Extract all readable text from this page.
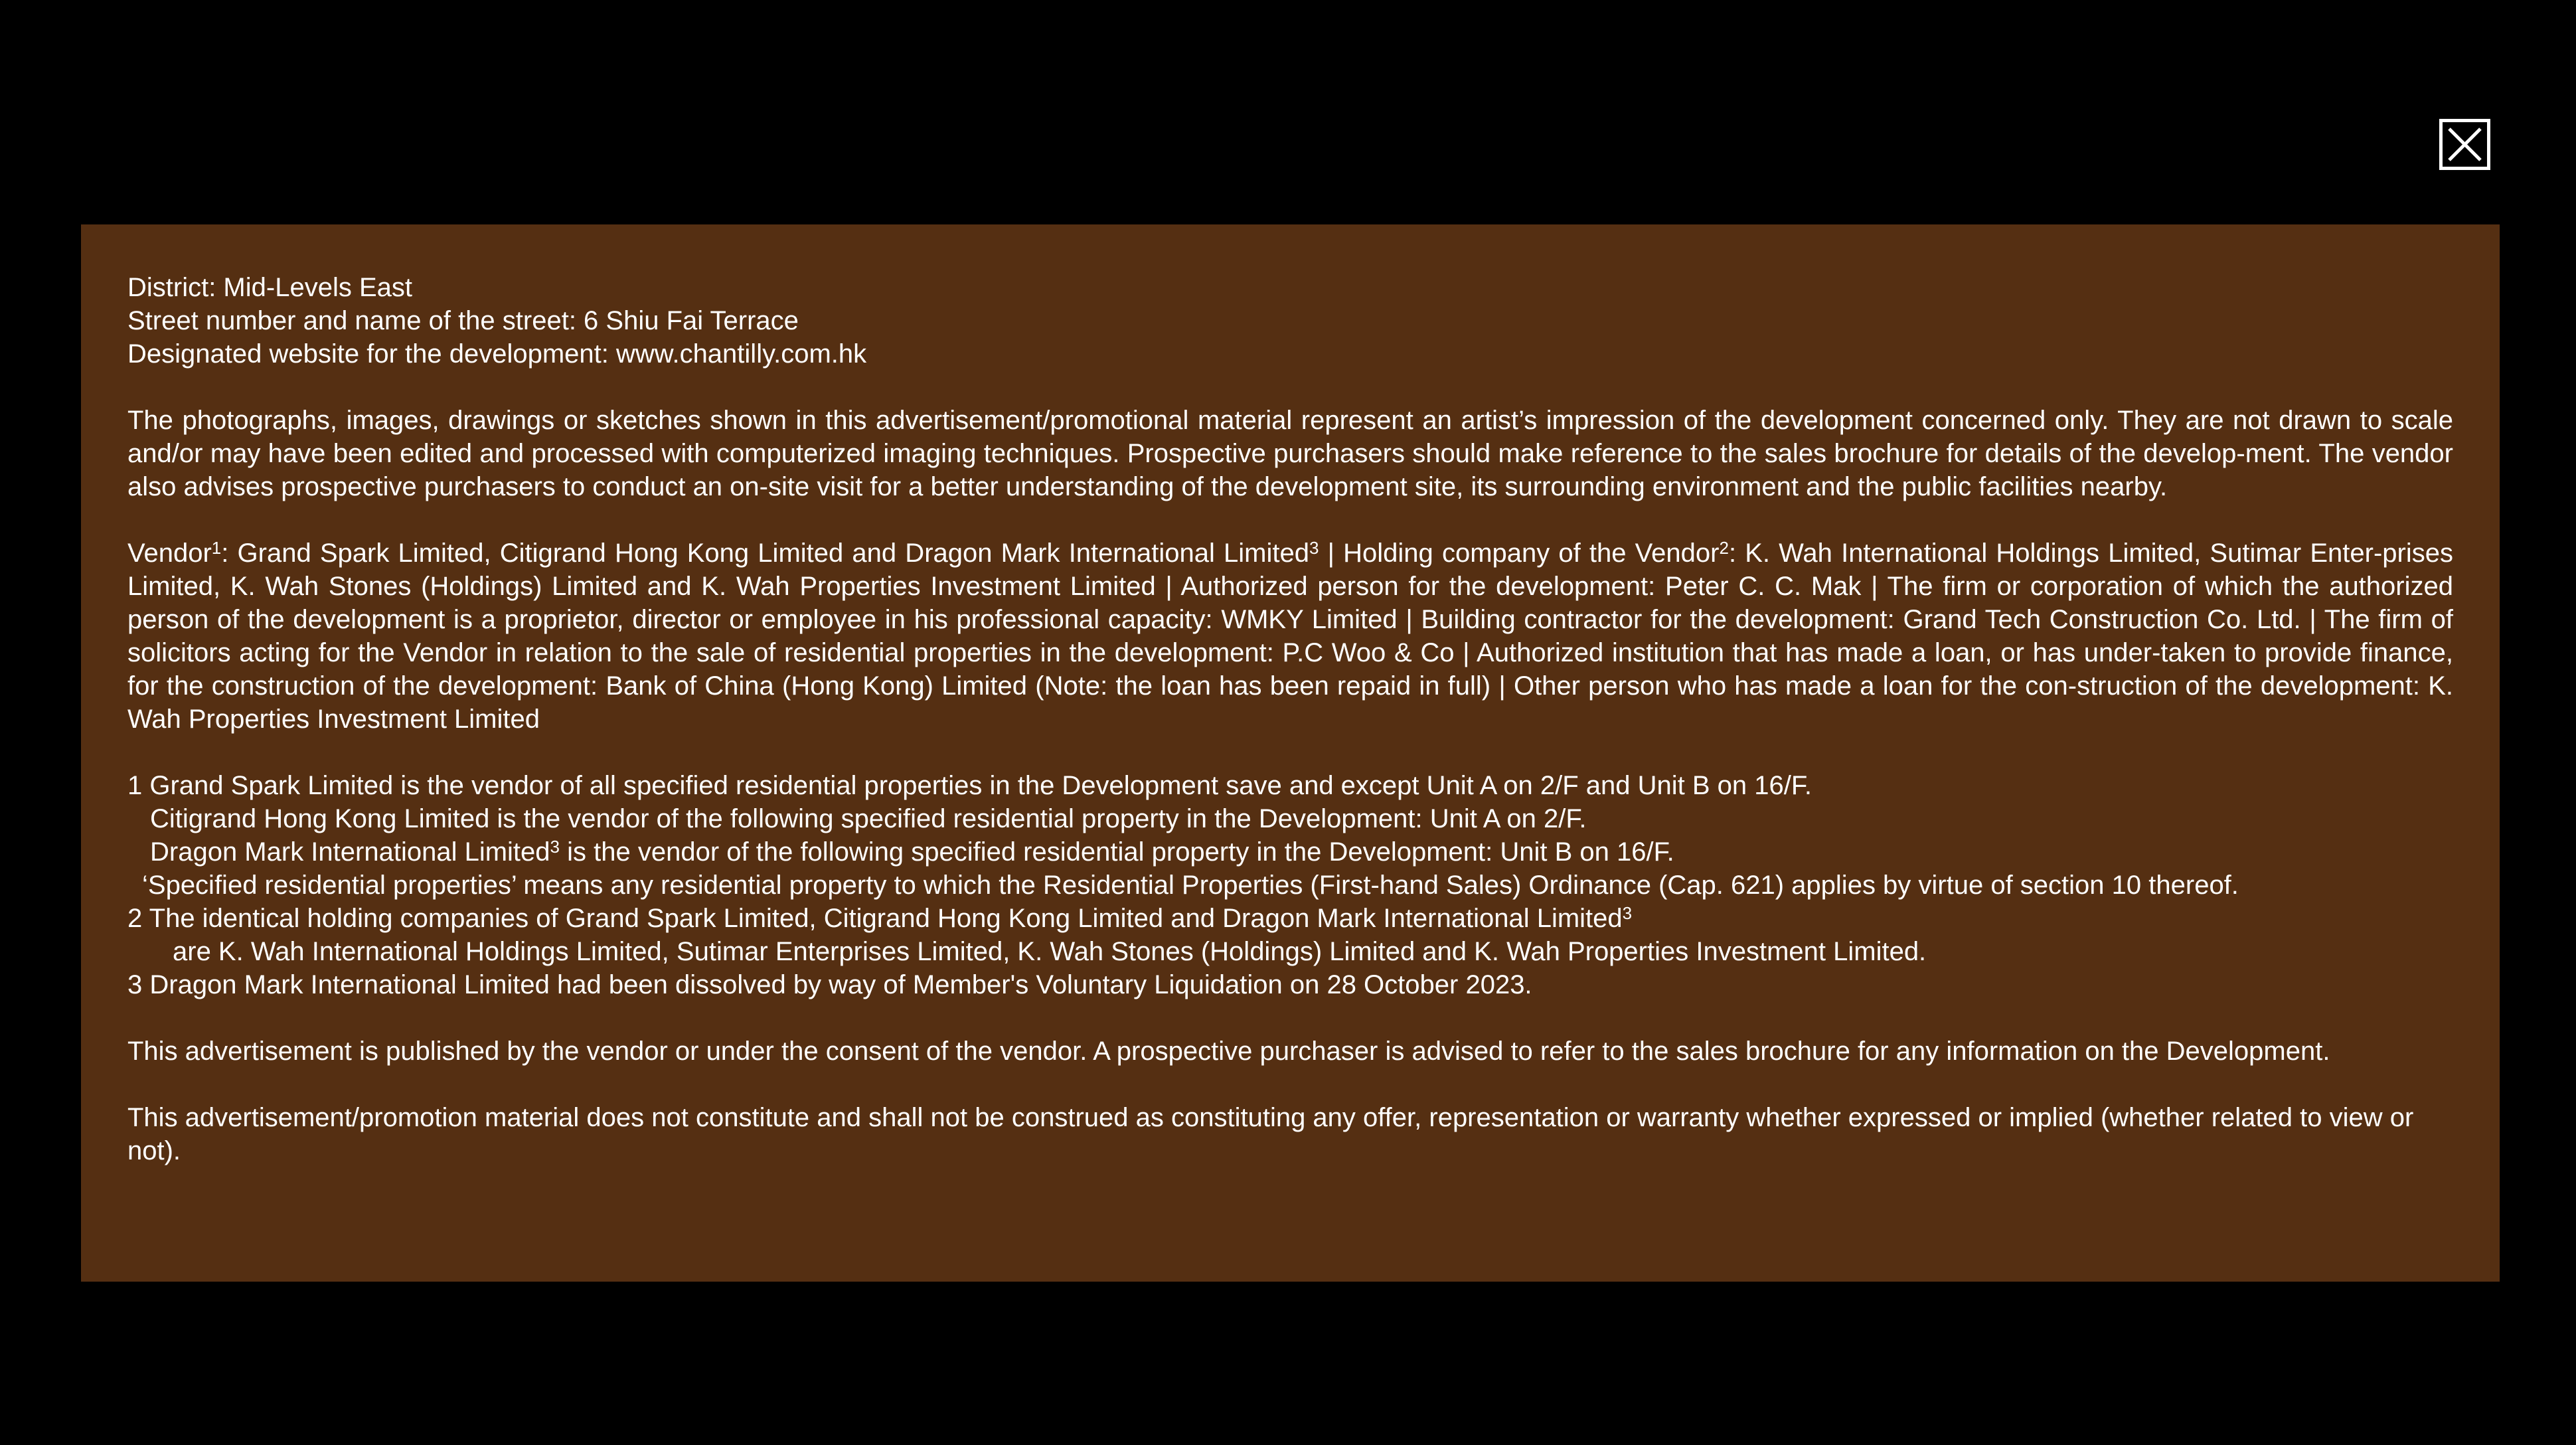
District: Mid-Levels East
Street number and name of the street: 6 Shiu Fai Terrace
Designated website for the development: www.chantilly.com.hk

The photographs, images, drawings or sketches shown in this advertisement/promotional material represent an artist’s impression of the development concerned only. They are not drawn to scale and/or may have been edited and processed with computerized imaging techniques. Prospective purchasers should make reference to the sales brochure for details of the develop-ment. The vendor also advises prospective purchasers to conduct an on-site visit for a better understanding of the development site, its surrounding environment and the public facilities nearby.

Vendor$^1$: Grand Spark Limited, Citigrand Hong Kong Limited and Dragon Mark International Limited$^3$ | Holding company of the Vendor$^2$: K. Wah International Holdings Limited, Sutimar Enter-prises Limited, K. Wah Stones (Holdings) Limited and K. Wah Properties Investment Limited | Authorized person for the development: Peter C. C. Mak | The firm or corporation of which the authorized person of the development is a proprietor, director or employee in his professional capacity: WMKY Limited | Building contractor for the development: Grand Tech Construction Co. Ltd. | The firm of solicitors acting for the Vendor in relation to the sale of residential properties in the development: P.C Woo & Co | Authorized institution that has made a loan, or has under-taken to provide finance, for the construction of the development: Bank of China (Hong Kong) Limited (Note: the loan has been repaid in full) | Other person who has made a loan for the con-struction of the development: K. Wah Properties Investment Limited

1 Grand Spark Limited is the vendor of all specified residential properties in the Development save and except Unit A on 2/F and Unit B on 16/F.
Citigrand Hong Kong Limited is the vendor of the following specified residential property in the Development: Unit A on 2/F.
Dragon Mark International Limited$^3$ is the vendor of the following specified residential property in the Development: Unit B on 16/F.
‘Specified residential properties’ means any residential property to which the Residential Properties (First-hand Sales) Ordinance (Cap. 621) applies by virtue of section 10 thereof.
2 The identical holding companies of Grand Spark Limited, Citigrand Hong Kong Limited and Dragon Mark International Limited$^3$
are K. Wah International Holdings Limited, Sutimar Enterprises Limited, K. Wah Stones (Holdings) Limited and K. Wah Properties Investment Limited.
3 Dragon Mark International Limited had been dissolved by way of Member's Voluntary Liquidation on 28 October 2023.

This advertisement is published by the vendor or under the consent of the vendor. A prospective purchaser is advised to refer to the sales brochure for any information on the Development.

This advertisement/promotion material does not constitute and shall not be construed as constituting any offer, representation or warranty whether expressed or implied (whether related to view or not).
